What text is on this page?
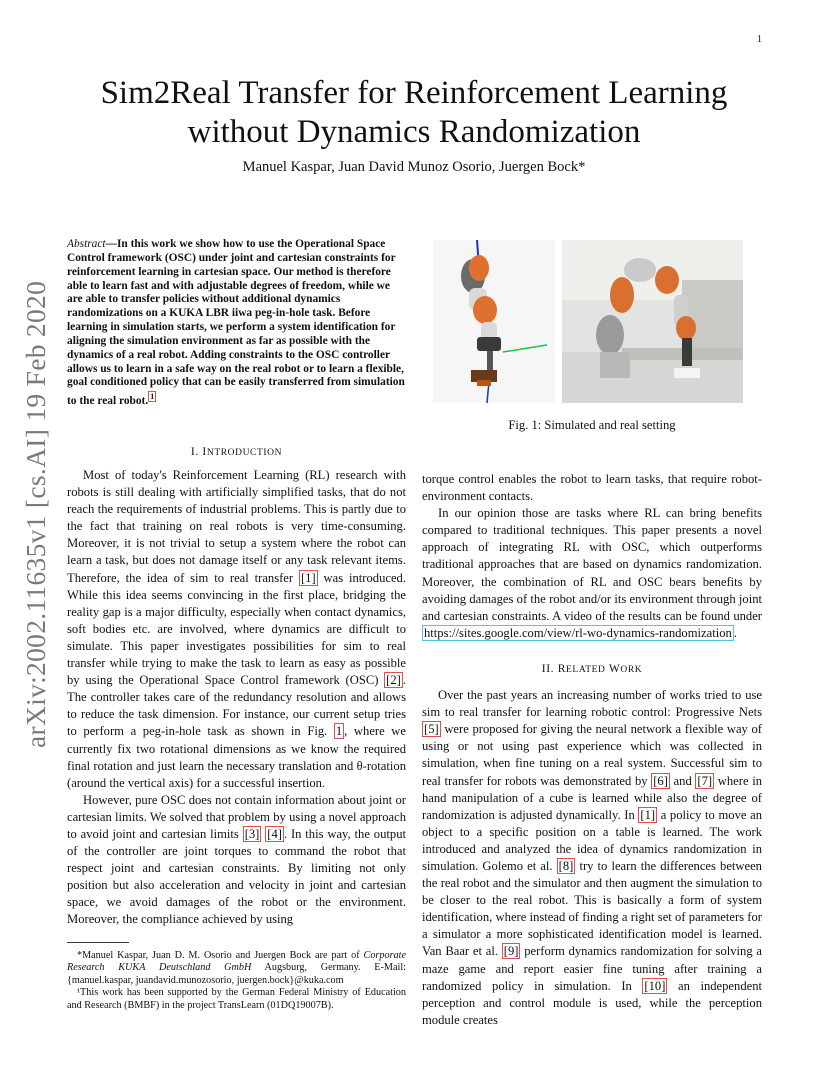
1
arXiv:2002.11635v1 [cs.AI] 19 Feb 2020
Sim2Real Transfer for Reinforcement Learning without Dynamics Randomization
Manuel Kaspar, Juan David Munoz Osorio, Juergen Bock*
Abstract—In this work we show how to use the Operational Space Control framework (OSC) under joint and cartesian constraints for reinforcement learning in cartesian space. Our method is therefore able to learn fast and with adjustable degrees of freedom, while we are able to transfer policies without additional dynamics randomizations on a KUKA LBR iiwa peg-in-hole task. Before learning in simulation starts, we perform a system identification for aligning the simulation environment as far as possible with the dynamics of a real robot. Adding constraints to the OSC controller allows us to learn in a safe way on the real robot or to learn a flexible, goal conditioned policy that can be easily transferred from simulation to the real robot. $^1$
Fig. 1: Simulated and real setting
I. INTRODUCTION

Most of today's Reinforcement Learning (RL) research with robots is still dealing with artificially simplified tasks, that do not reach the requirements of industrial problems. This is partly due to the fact that training on real robots is very time-consuming. Moreover, it is not trivial to setup a system where the robot can learn a task, but does not damage itself or any task relevant items. Therefore, the idea of sim to real transfer [1] was introduced. While this idea seems convincing in the first place, bridging the reality gap is a major difficulty, especially when contact dynamics, soft bodies etc. are involved, where dynamics are difficult to simulate. This paper investigates possibilities for sim to real transfer while trying to make the task to learn as easy as possible by using the Operational Space Control framework (OSC) [2] . The controller takes care of the redundancy resolution and allows to reduce the task dimension. For instance, our current setup tries to perform a peg-in-hole task as shown in Fig. 1 , where we currently fix two rotational dimensions as we know the required final rotation and just learn the necessary translation and θ-rotation (around the vertical axis) for a successful insertion.

However, pure OSC does not contain information about joint or cartesian limits. We solved that problem by using a novel approach to avoid joint and cartesian limits [3] [4] . In this way, the output of the controller are joint torques to command the robot that respect joint and cartesian constraints. By limiting not only position but also acceleration and velocity in joint and cartesian space, we avoid damages of the robot or the environment. Moreover, the compliance achieved by using

*Manuel Kaspar, Juan D. M. Osorio and Juergen Bock are part of Corporate Research KUKA Deutschland GmbH Augsburg, Germany. E-Mail: {manuel.kaspar, juandavid.munozosorio, juergen.bock}@kuka.com

¹This work has been supported by the German Federal Ministry of Education and Research (BMBF) in the project TransLearn (01DQ19007B).

torque control enables the robot to learn tasks, that require robot-environment contacts.

In our opinion those are tasks where RL can bring benefits compared to traditional techniques. This paper presents a novel approach of integrating RL with OSC, which outperforms traditional approaches that are based on dynamics randomization. Moreover, the combination of RL and OSC bears benefits by avoiding damages of the robot and/or its environment through joint and cartesian constraints. A video of the results can be found under https://sites.google.com/view/rl-wo-dynamics-randomization .

II. RELATED WORK

Over the past years an increasing number of works tried to use sim to real transfer for learning robotic control: Progressive Nets [5] were proposed for giving the neural network a flexible way of using or not using past experience which was collected in simulation, when fine tuning on a real system. Successful sim to real transfer for robots was demonstrated by [6] and [7] where in hand manipulation of a cube is learned while also the degree of randomization is adjusted dynamically. In [1] a policy to move an object to a specific position on a table is learned. The work introduced and analyzed the idea of dynamics randomization in simulation. Golemo et al. [8] try to learn the differences between the real robot and the simulator and then augment the simulation to be closer to the real robot. This is basically a form of system identification, where instead of finding a right set of parameters for a simulator a more sophisticated identification model is learned. Van Baar et al. [9] perform dynamics randomization for solving a maze game and report easier fine tuning after training a randomized policy in simulation. In [10] an independent perception and control module is used, while the perception module creates
